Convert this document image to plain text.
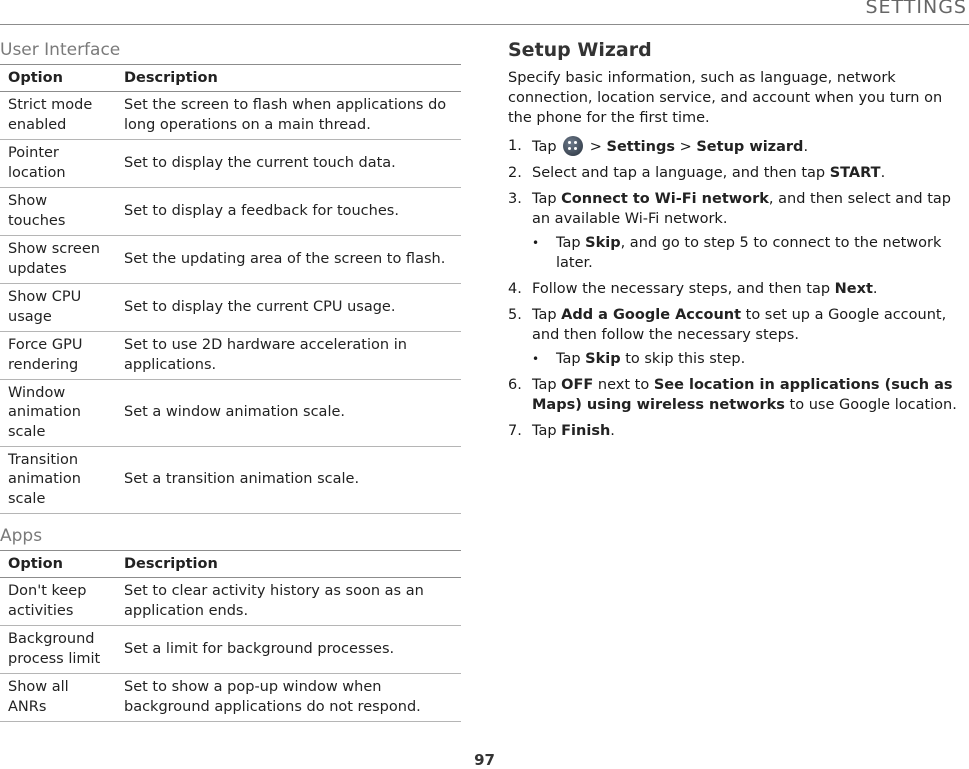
SETTINGS
User Interface
Option	Description
Strict mode enabled	Set the screen to flash when applications do long operations on a main thread.
Pointer location	Set to display the current touch data.
Show touches	Set to display a feedback for touches.
Show screen updates	Set the updating area of the screen to flash.
Show CPU usage	Set to display the current CPU usage.
Force GPU rendering	Set to use 2D hardware acceleration in applications.
Window animation scale	Set a window animation scale.
Transition animation scale	Set a transition animation scale.
Apps
Option	Description
Don't keep activities	Set to clear activity history as soon as an application ends.
Background process limit	Set a limit for background processes.
Show all ANRs	Set to show a pop-up window when background applications do not respond.
Setup Wizard
Specify basic information, such as language, network connection, location service, and account when you turn on the phone for the first time.
1. Tap > Settings > Setup wizard.
2. Select and tap a language, and then tap START.
3. Tap Connect to Wi-Fi network, and then select and tap an available Wi-Fi network.
• Tap Skip, and go to step 5 to connect to the network later.
4. Follow the necessary steps, and then tap Next.
5. Tap Add a Google Account to set up a Google account, and then follow the necessary steps.
• Tap Skip to skip this step.
6. Tap OFF next to See location in applications (such as Maps) using wireless networks to use Google location.
7. Tap Finish.
97
